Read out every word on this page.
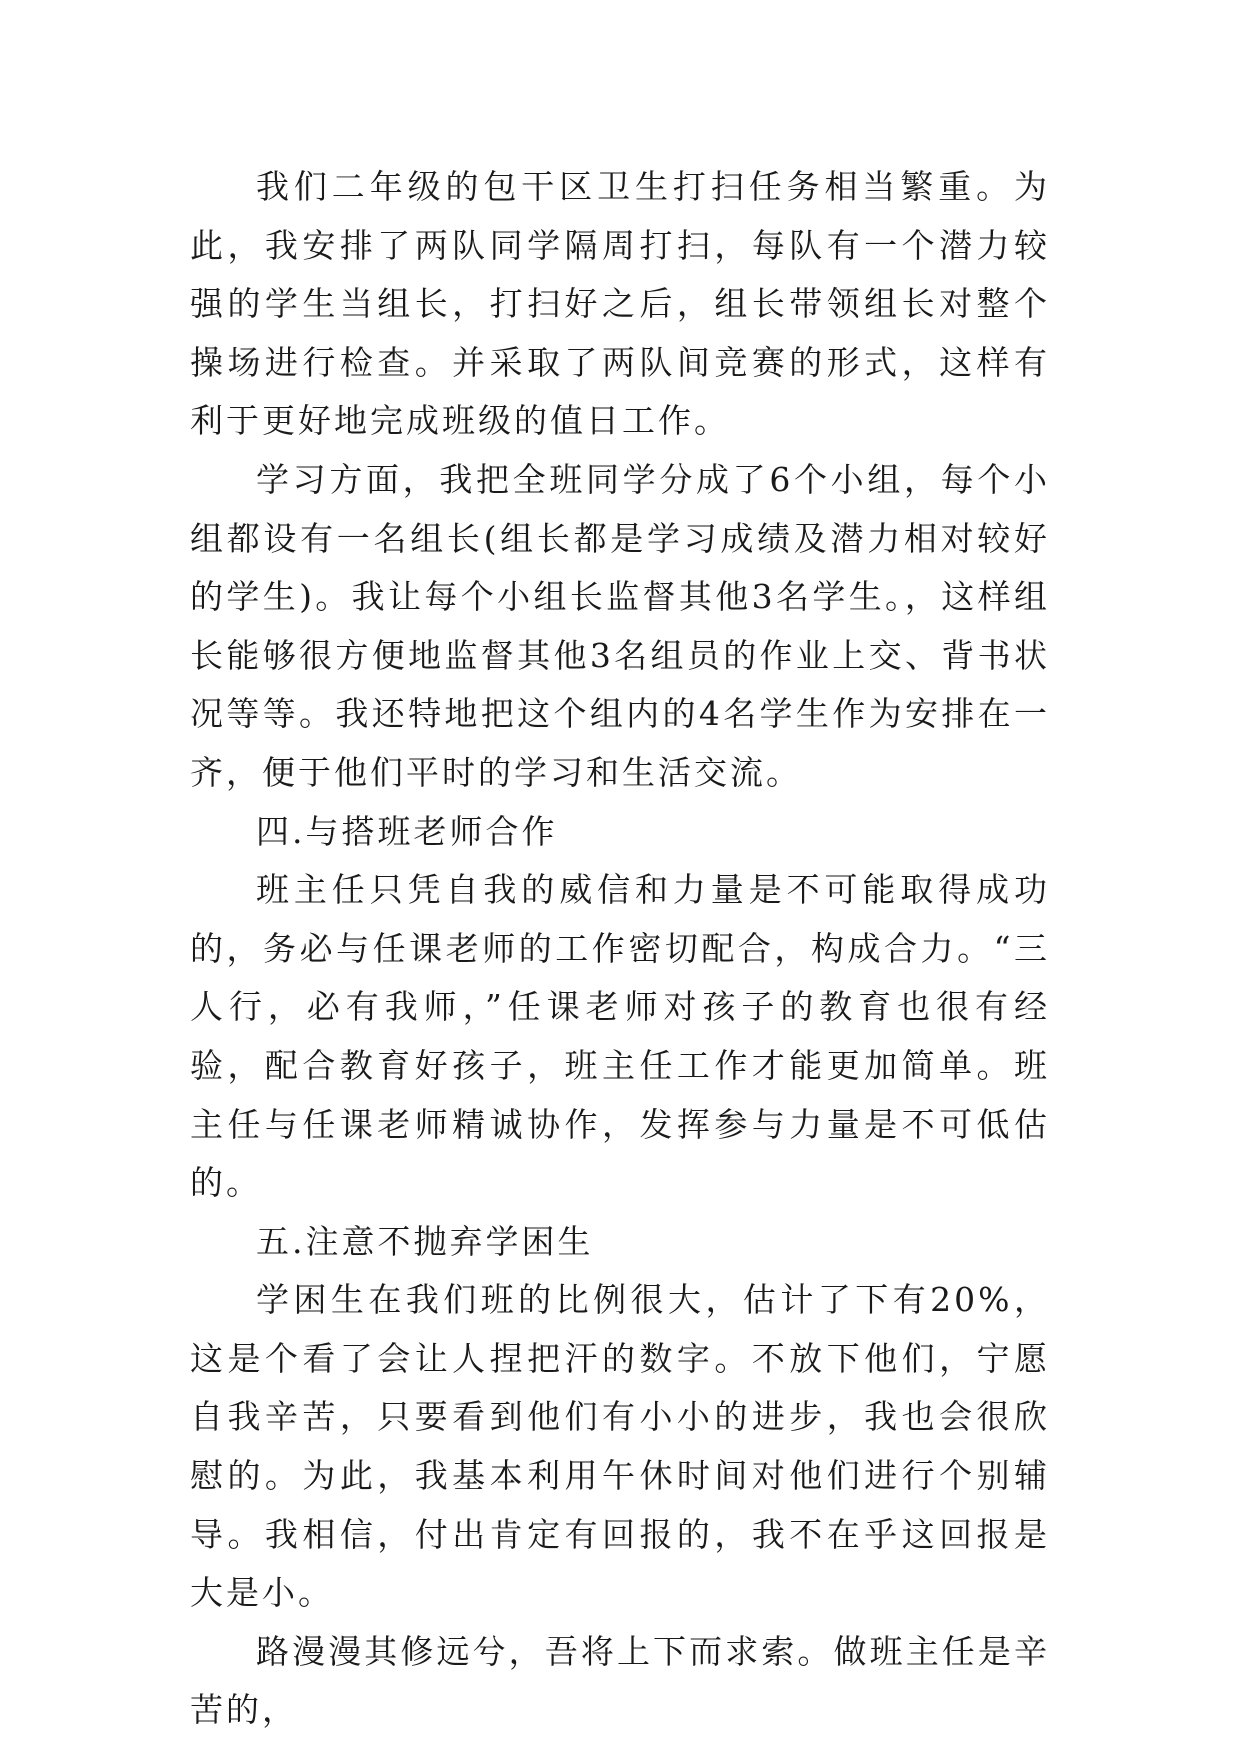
我们二年级的包干区卫生打扫任务相当繁重。为此，我安排了两队同学隔周打扫，每队有一个潜力较强的学生当组长，打扫好之后，组长带领组长对整个操场进行检查。并采取了两队间竞赛的形式，这样有利于更好地完成班级的值日工作。

学习方面，我把全班同学分成了6个小组，每个小组都设有一名组长(组长都是学习成绩及潜力相对较好的学生)。我让每个小组长监督其他3名学生。，这样组长能够很方便地监督其他3名组员的作业上交、背书状况等等。我还特地把这个组内的4名学生作为安排在一齐，便于他们平时的学习和生活交流。

四.与搭班老师合作

班主任只凭自我的威信和力量是不可能取得成功的，务必与任课老师的工作密切配合，构成合力。“三人行，必有我师，”任课老师对孩子的教育也很有经验，配合教育好孩子，班主任工作才能更加简单。班主任与任课老师精诚协作，发挥参与力量是不可低估的。

五.注意不抛弃学困生

学困生在我们班的比例很大，估计了下有20%，这是个看了会让人捏把汗的数字。不放下他们，宁愿自我辛苦，只要看到他们有小小的进步，我也会很欣慰的。为此，我基本利用午休时间对他们进行个别辅导。我相信，付出肯定有回报的，我不在乎这回报是大是小。

路漫漫其修远兮，吾将上下而求索。做班主任是辛苦的，
